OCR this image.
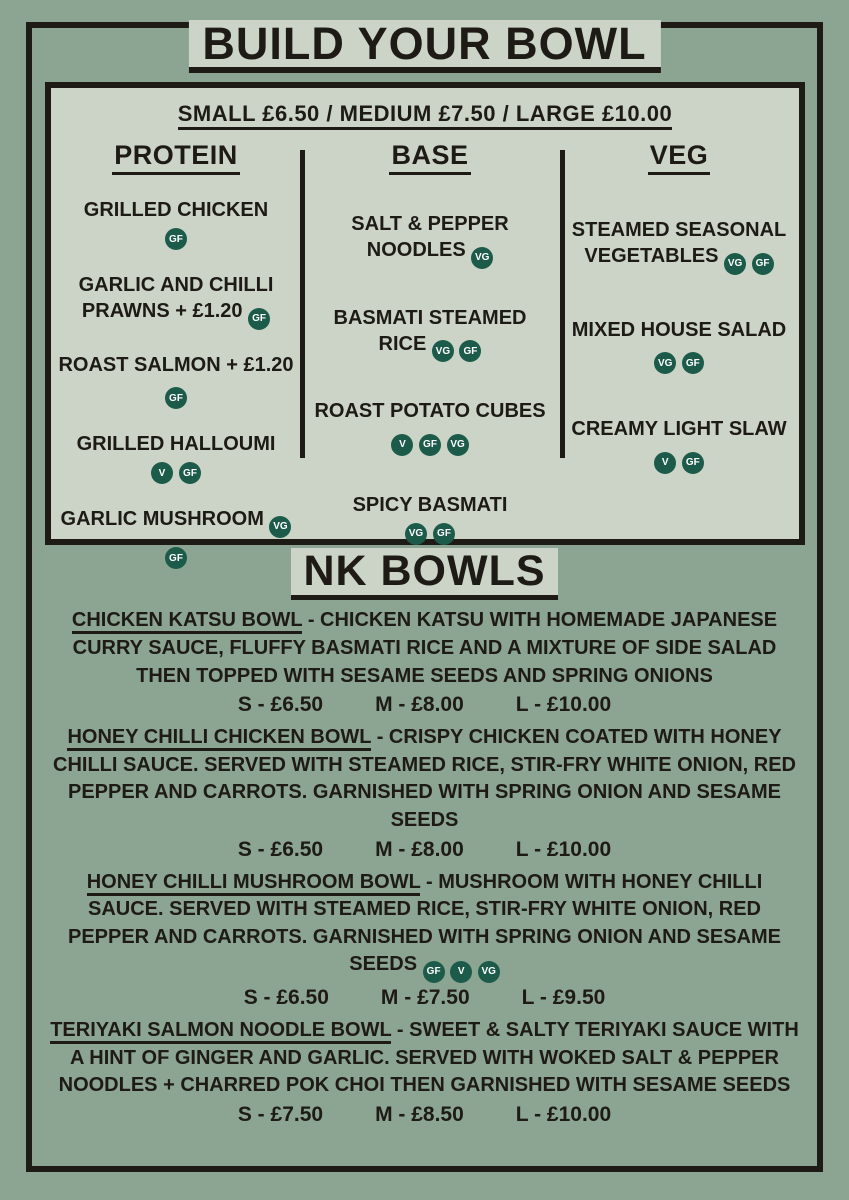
BUILD YOUR BOWL
SMALL £6.50 / MEDIUM £7.50 / LARGE £10.00
PROTEIN
GRILLED CHICKEN
GF
GARLIC AND CHILLI PRAWNS + £1.20 GF
ROAST SALMON + £1.20 GF
GRILLED HALLOUMI
V	GF
GARLIC MUSHROOM VG GF
BASE
SALT & PEPPER NOODLES VG
BASMATI STEAMED RICE VG GF
ROAST POTATO CUBES V GF VG
SPICY BASMATI
VG	GF
VEG
STEAMED SEASONAL VEGETABLES VG GF
MIXED HOUSE SALAD VG GF
CREAMY LIGHT SLAW V GF
NK BOWLS

CHICKEN KATSU BOWL - CHICKEN KATSU WITH HOMEMADE JAPANESE CURRY SAUCE, FLUFFY BASMATI RICE AND A MIXTURE OF SIDE SALAD THEN TOPPED WITH SESAME SEEDS AND SPRING ONIONS

S - £6.50 M - £8.00 L - £10.00

HONEY CHILLI CHICKEN BOWL - CRISPY CHICKEN COATED WITH HONEY CHILLI SAUCE. SERVED WITH STEAMED RICE, STIR-FRY WHITE ONION, RED PEPPER AND CARROTS. GARNISHED WITH SPRING ONION AND SESAME SEEDS

S - £6.50 M - £8.00 L - £10.00

HONEY CHILLI MUSHROOM BOWL - MUSHROOM WITH HONEY CHILLI SAUCE. SERVED WITH STEAMED RICE, STIR-FRY WHITE ONION, RED PEPPER AND CARROTS. GARNISHED WITH SPRING ONION AND SESAME SEEDS GF V VG

S - £6.50 M - £7.50 L - £9.50

TERIYAKI SALMON NOODLE BOWL - SWEET & SALTY TERIYAKI SAUCE WITH A HINT OF GINGER AND GARLIC. SERVED WITH WOKED SALT & PEPPER NOODLES + CHARRED POK CHOI THEN GARNISHED WITH SESAME SEEDS

S - £7.50 M - £8.50 L - £10.00
